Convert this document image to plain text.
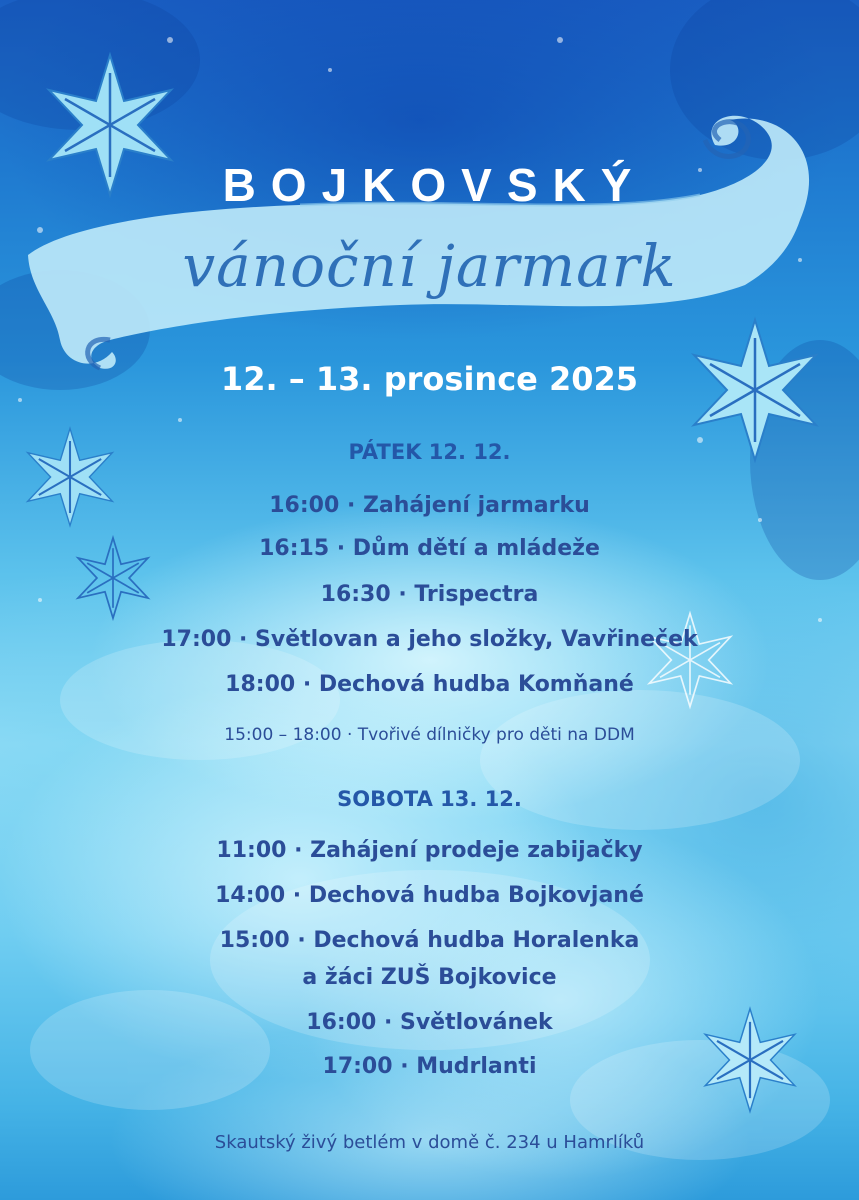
BOJKOVSKÝ
vánoční jarmark
12. – 13. prosince 2025
PÁTEK 12. 12.
16:00 · Zahájení jarmarku
16:15 · Dům dětí a mládeže
16:30 · Trispectra
17:00 · Světlovan a jeho složky, Vavřineček
18:00 · Dechová hudba Komňané
15:00 – 18:00 · Tvořivé dílničky pro děti na DDM
SOBOTA 13. 12.
11:00 · Zahájení prodeje zabijačky
14:00 · Dechová hudba Bojkovjané
15:00 · Dechová hudba Horalenka
a žáci ZUŠ Bojkovice
16:00 · Světlovánek
17:00 · Mudrlanti
Skautský živý betlém v domě č. 234 u Hamrlíků
